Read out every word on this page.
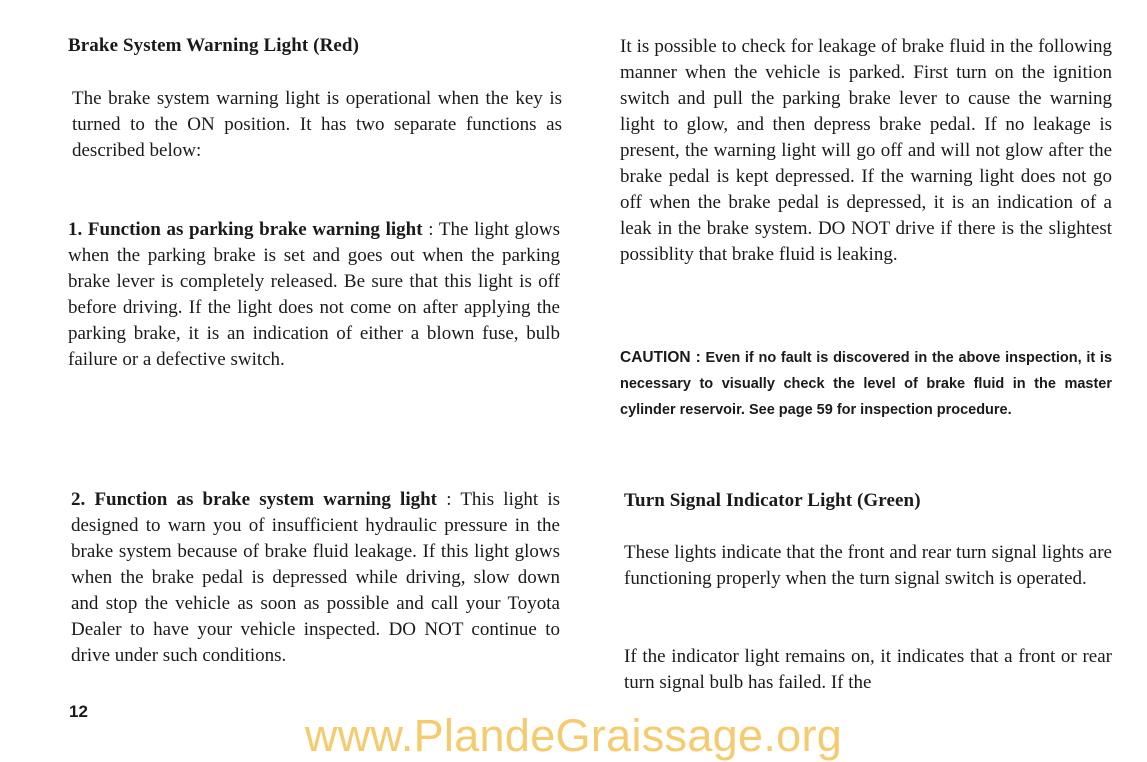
Brake System Warning Light (Red)
The brake system warning light is operational when the key is turned to the ON position. It has two separate functions as described below:
1. Function as parking brake warning light : The light glows when the parking brake is set and goes out when the parking brake lever is completely released. Be sure that this light is off before driving. If the light does not come on after applying the parking brake, it is an indication of either a blown fuse, bulb failure or a defective switch.
2. Function as brake system warning light : This light is designed to warn you of insufficient hydraulic pressure in the brake system because of brake fluid leakage. If this light glows when the brake pedal is depressed while driving, slow down and stop the vehicle as soon as possible and call your Toyota Dealer to have your vehicle inspected. DO NOT continue to drive under such conditions.
It is possible to check for leakage of brake fluid in the following manner when the vehicle is parked. First turn on the ignition switch and pull the parking brake lever to cause the warning light to glow, and then depress brake pedal. If no leakage is present, the warning light will go off and will not glow after the brake pedal is kept depressed. If the warning light does not go off when the brake pedal is depressed, it is an indication of a leak in the brake system. DO NOT drive if there is the slightest possiblity that brake fluid is leaking.
CAUTION : Even if no fault is discovered in the above inspection, it is necessary to visually check the level of brake fluid in the master cylinder reservoir. See page 59 for inspection procedure.
Turn Signal Indicator Light (Green)
These lights indicate that the front and rear turn signal lights are functioning properly when the turn signal switch is operated.
If the indicator light remains on, it indicates that a front or rear turn signal bulb has failed. If the
12	www.PlandeGraissage.org
